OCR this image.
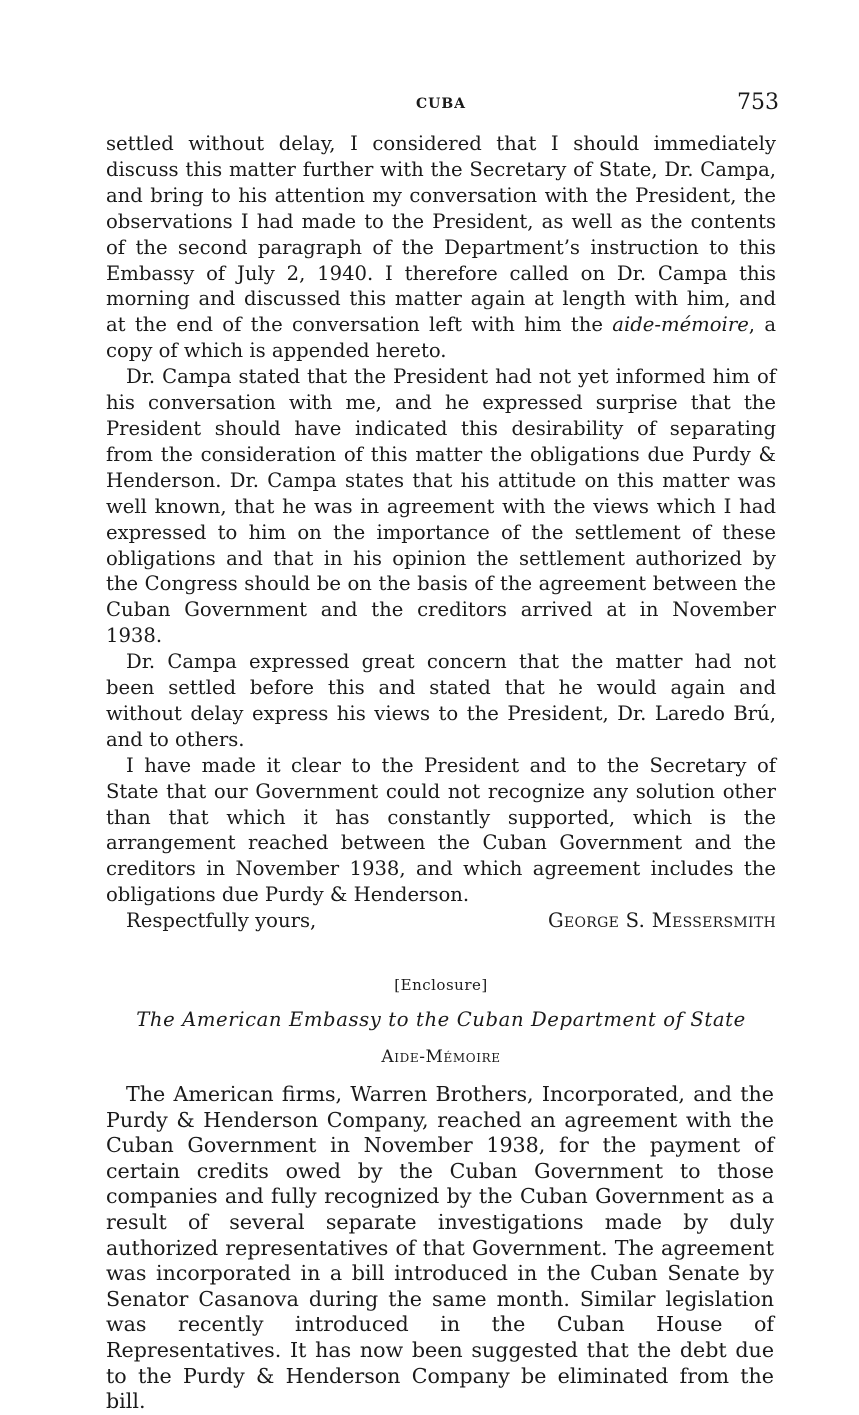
CUBA	753

settled without delay, I considered that I should immediately discuss this matter further with the Secretary of State, Dr. Campa, and bring to his attention my conversation with the President, the observations I had made to the President, as well as the contents of the second paragraph of the Department’s instruction to this Embassy of July 2, 1940. I therefore called on Dr. Campa this morning and discussed this matter again at length with him, and at the end of the conversation left with him the aide-mémoire, a copy of which is appended hereto.

Dr. Campa stated that the President had not yet informed him of his conversation with me, and he expressed surprise that the President should have indicated this desirability of separating from the consideration of this matter the obligations due Purdy & Henderson. Dr. Campa states that his attitude on this matter was well known, that he was in agreement with the views which I had expressed to him on the importance of the settlement of these obligations and that in his opinion the settlement authorized by the Congress should be on the basis of the agreement between the Cuban Government and the creditors arrived at in November 1938.

Dr. Campa expressed great concern that the matter had not been settled before this and stated that he would again and without delay express his views to the President, Dr. Laredo Brú, and to others.

I have made it clear to the President and to the Secretary of State that our Government could not recognize any solution other than that which it has constantly supported, which is the arrangement reached between the Cuban Government and the creditors in November 1938, and which agreement includes the obligations due Purdy & Henderson.

Respectfully yours,	George S. Messersmith
[Enclosure]
The American Embassy to the Cuban Department of State
Aide-Mémoire

The American firms, Warren Brothers, Incorporated, and the Purdy & Henderson Company, reached an agreement with the Cuban Government in November 1938, for the payment of certain credits owed by the Cuban Government to those companies and fully recognized by the Cuban Government as a result of several separate investigations made by duly authorized representatives of that Government. The agreement was incorporated in a bill introduced in the Cuban Senate by Senator Casanova during the same month. Similar legislation was recently introduced in the Cuban House of Representatives. It has now been suggested that the debt due to the Purdy & Henderson Company be eliminated from the bill.
